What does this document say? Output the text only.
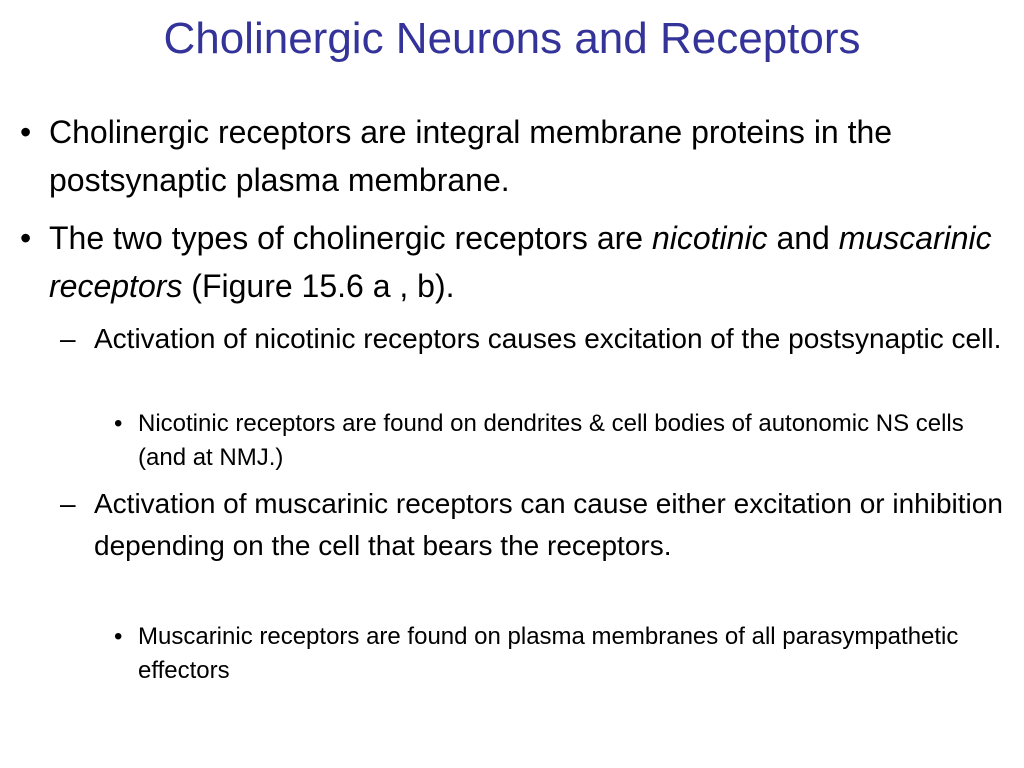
Cholinergic Neurons and Receptors

• Cholinergic receptors are integral membrane proteins in the postsynaptic plasma membrane.

• The two types of cholinergic receptors are nicotinic and muscarinic receptors (Figure 15.6 a , b).

– Activation of nicotinic receptors causes excitation of the postsynaptic cell.

• Nicotinic receptors are found on dendrites & cell bodies of autonomic NS cells (and at NMJ.)

– Activation of muscarinic receptors can cause either excitation or inhibition depending on the cell that bears the receptors.

• Muscarinic receptors are found on plasma membranes of all parasympathetic effectors
